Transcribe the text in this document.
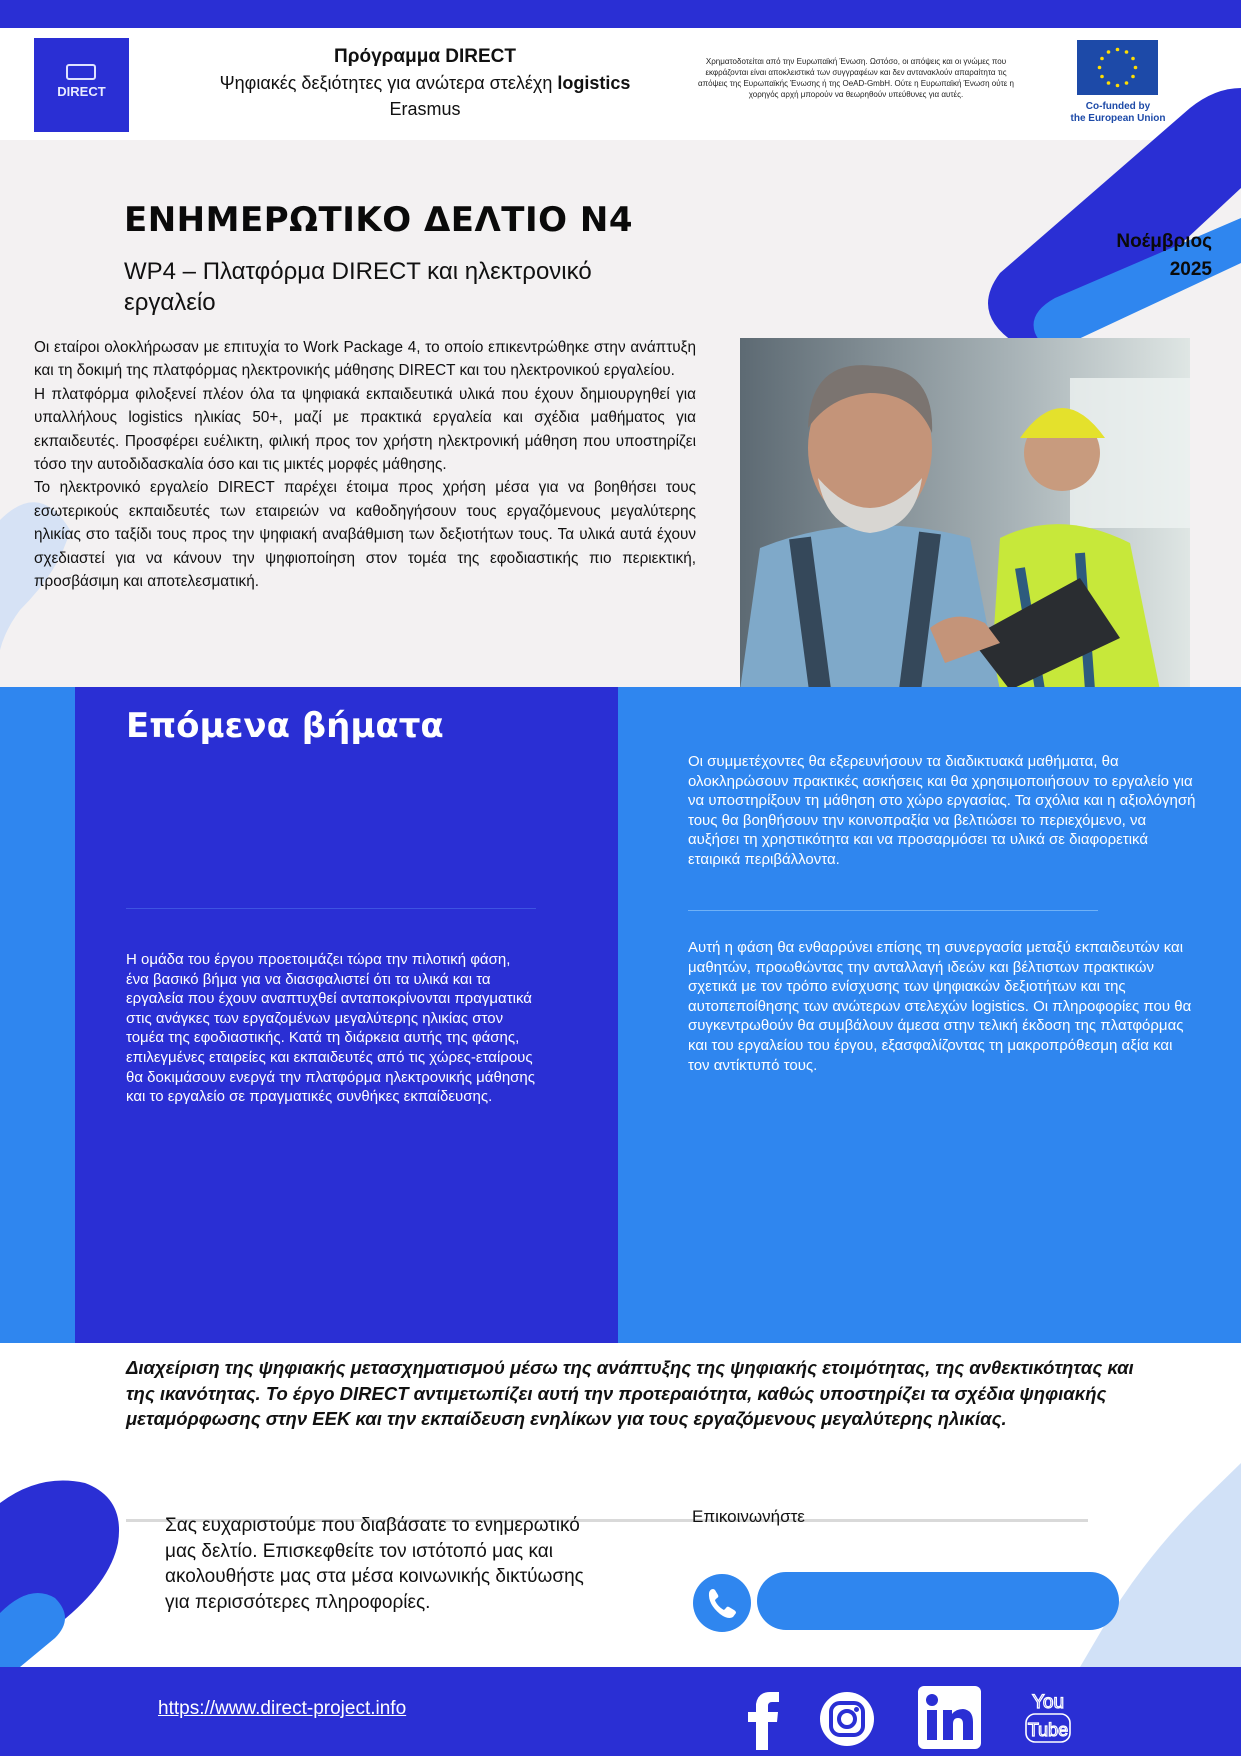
DIRECT
Πρόγραμμα DIRECT
Ψηφιακές δεξιότητες για ανώτερα στελέχη logistics
Erasmus
Χρηματοδοτείται από την Ευρωπαϊκή Ένωση. Ωστόσο, οι απόψεις και οι γνώμες που εκφράζονται είναι αποκλειστικά των συγγραφέων και δεν αντανακλούν απαραίτητα τις απόψεις της Ευρωπαϊκής Ένωσης ή της OeAD-GmbH. Ούτε η Ευρωπαϊκή Ένωση ούτε η χορηγός αρχή μπορούν να θεωρηθούν υπεύθυνες για αυτές.
Co-funded by
the European Union
ΕΝΗΜΕΡΩΤΙΚΟ ΔΕΛΤΙΟ Ν4
WP4 – Πλατφόρμα DIRECT και ηλεκτρονικό εργαλείο
Νοέμβριος
2025

Οι εταίροι ολοκλήρωσαν με επιτυχία το Work Package 4, το οποίο επικεντρώθηκε στην ανάπτυξη και τη δοκιμή της πλατφόρμας ηλεκτρονικής μάθησης DIRECT και του ηλεκτρονικού εργαλείου.

Η πλατφόρμα φιλοξενεί πλέον όλα τα ψηφιακά εκπαιδευτικά υλικά που έχουν δημιουργηθεί για υπαλλήλους logistics ηλικίας 50+, μαζί με πρακτικά εργαλεία και σχέδια μαθήματος για εκπαιδευτές. Προσφέρει ευέλικτη, φιλική προς τον χρήστη ηλεκτρονική μάθηση που υποστηρίζει τόσο την αυτοδιδασκαλία όσο και τις μικτές μορφές μάθησης.

Το ηλεκτρονικό εργαλείο DIRECT παρέχει έτοιμα προς χρήση μέσα για να βοηθήσει τους εσωτερικούς εκπαιδευτές των εταιρειών να καθοδηγήσουν τους εργαζόμενους μεγαλύτερης ηλικίας στο ταξίδι τους προς την ψηφιακή αναβάθμιση των δεξιοτήτων τους. Τα υλικά αυτά έχουν σχεδιαστεί για να κάνουν την ψηφιοποίηση στον τομέα της εφοδιαστικής πιο περιεκτική, προσβάσιμη και αποτελεσματική.

Επόμενα βήματα
Η ομάδα του έργου προετοιμάζει τώρα την πιλοτική φάση, ένα βασικό βήμα για να διασφαλιστεί ότι τα υλικά και τα εργαλεία που έχουν αναπτυχθεί ανταποκρίνονται πραγματικά στις ανάγκες των εργαζομένων μεγαλύτερης ηλικίας στον τομέα της εφοδιαστικής. Κατά τη διάρκεια αυτής της φάσης, επιλεγμένες εταιρείες και εκπαιδευτές από τις χώρες-εταίρους
θα δοκιμάσουν ενεργά την πλατφόρμα ηλεκτρονικής μάθησης και το εργαλείο σε πραγματικές συνθήκες εκπαίδευσης.
Οι συμμετέχοντες θα εξερευνήσουν τα διαδικτυακά μαθήματα, θα ολοκληρώσουν πρακτικές ασκήσεις και θα χρησιμοποιήσουν το εργαλείο για να υποστηρίξουν τη μάθηση στο χώρο εργασίας. Τα σχόλια και η αξιολόγησή τους θα βοηθήσουν την κοινοπραξία να βελτιώσει το περιεχόμενο, να αυξήσει τη χρηστικότητα και να προσαρμόσει τα υλικά σε διαφορετικά εταιρικά περιβάλλοντα.
Αυτή η φάση θα ενθαρρύνει επίσης τη συνεργασία μεταξύ εκπαιδευτών και μαθητών, προωθώντας την ανταλλαγή ιδεών και βέλτιστων πρακτικών σχετικά με τον τρόπο ενίσχυσης των ψηφιακών δεξιοτήτων και της αυτοπεποίθησης των ανώτερων στελεχών logistics. Οι πληροφορίες που θα συγκεντρωθούν θα συμβάλουν άμεσα στην τελική έκδοση της πλατφόρμας και του εργαλείου του έργου, εξασφαλίζοντας τη μακροπρόθεσμη αξία και τον αντίκτυπό τους.
Διαχείριση της ψηφιακής μετασχηματισμού μέσω της ανάπτυξης της ψηφιακής ετοιμότητας, της ανθεκτικότητας και της ικανότητας. Το έργο DIRECT αντιμετωπίζει αυτή την προτεραιότητα, καθώς υποστηρίζει τα σχέδια ψηφιακής μεταμόρφωσης στην ΕΕΚ και την εκπαίδευση ενηλίκων για τους εργαζόμενους μεγαλύτερης ηλικίας.
Σας ευχαριστούμε που διαβάσατε το ενημερωτικό μας δελτίο. Επισκεφθείτε τον ιστότοπό μας και ακολουθήστε μας στα μέσα κοινωνικής δικτύωσης για περισσότερες πληροφορίες.
Επικοινωνήστε
https://www.direct-project.info	You
Tube
